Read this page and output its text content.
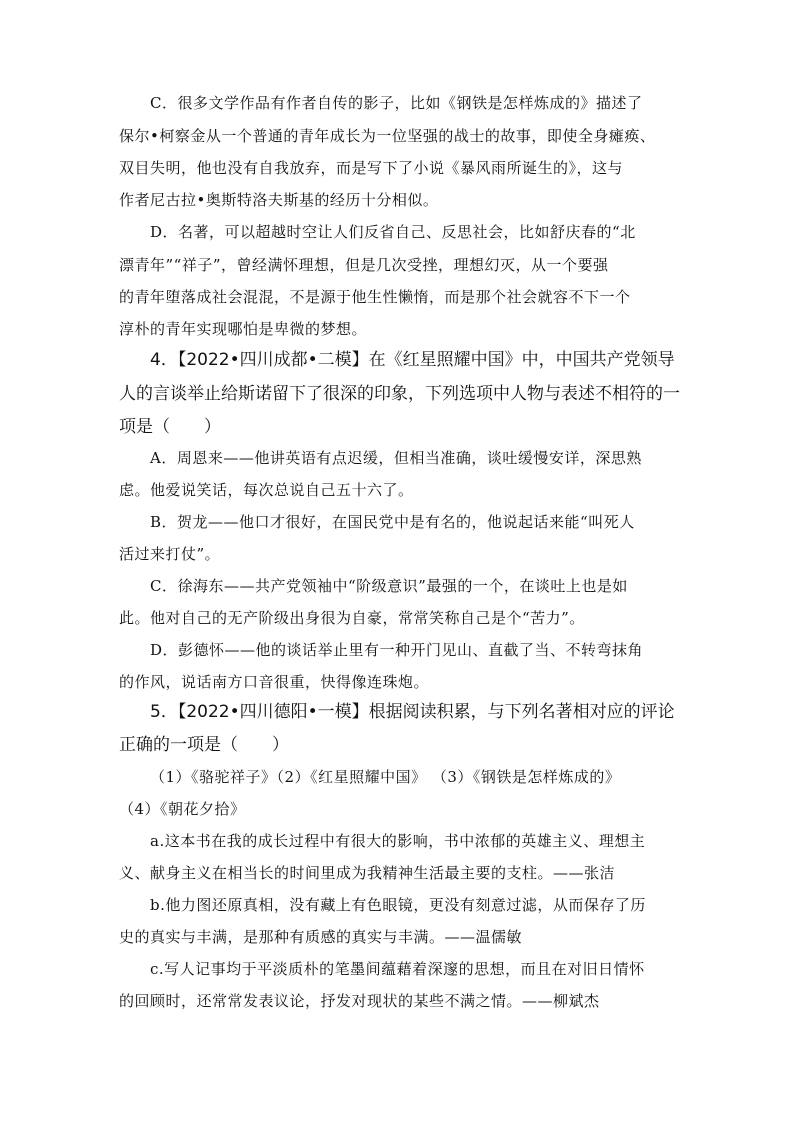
C．很多文学作品有作者自传的影子，比如《钢铁是怎样炼成的》描述了
保尔•柯察金从一个普通的青年成长为一位坚强的战士的故事，即使全身瘫痪、
双目失明，他也没有自我放弃，而是写下了小说《暴风雨所诞生的》，这与
作者尼古拉•奥斯特洛夫斯基的经历十分相似。
D．名著，可以超越时空让人们反省自己、反思社会，比如舒庆春的“北
漂青年”“祥子”，曾经满怀理想，但是几次受挫，理想幻灭，从一个要强
的青年堕落成社会混混，不是源于他生性懒惰，而是那个社会就容不下一个
淳朴的青年实现哪怕是卑微的梦想。
4．【2022•四川成都•二模】在《红星照耀中国》中，中国共产党领导
人的言谈举止给斯诺留下了很深的印象，下列选项中人物与表述不相符的一
项是（　　）
A．周恩来——他讲英语有点迟缓，但相当准确，谈吐缓慢安详，深思熟
虑。他爱说笑话，每次总说自己五十六了。
B．贺龙——他口才很好，在国民党中是有名的，他说起话来能“叫死人
活过来打仗”。
C．徐海东——共产党领袖中“阶级意识”最强的一个，在谈吐上也是如
此。他对自己的无产阶级出身很为自豪，常常笑称自己是个“苦力”。
D．彭德怀——他的谈话举止里有一种开门见山、直截了当、不转弯抹角
的作风，说话南方口音很重，快得像连珠炮。
5．【2022•四川德阳•一模】根据阅读积累，与下列名著相对应的评论
正确的一项是（　　）
（1）《骆驼祥子》（2）《红星照耀中国》 （3）《钢铁是怎样炼成的》
（4）《朝花夕拾》
a.这本书在我的成长过程中有很大的影响，书中浓郁的英雄主义、理想主
义、献身主义在相当长的时间里成为我精神生活最主要的支柱。——张洁
b.他力图还原真相，没有藏上有色眼镜，更没有刻意过滤，从而保存了历
史的真实与丰满，是那种有质感的真实与丰满。——温儒敏
c.写人记事均于平淡质朴的笔墨间蕴藉着深邃的思想，而且在对旧日情怀
的回顾时，还常常发表议论，抒发对现状的某些不满之情。——柳斌杰
